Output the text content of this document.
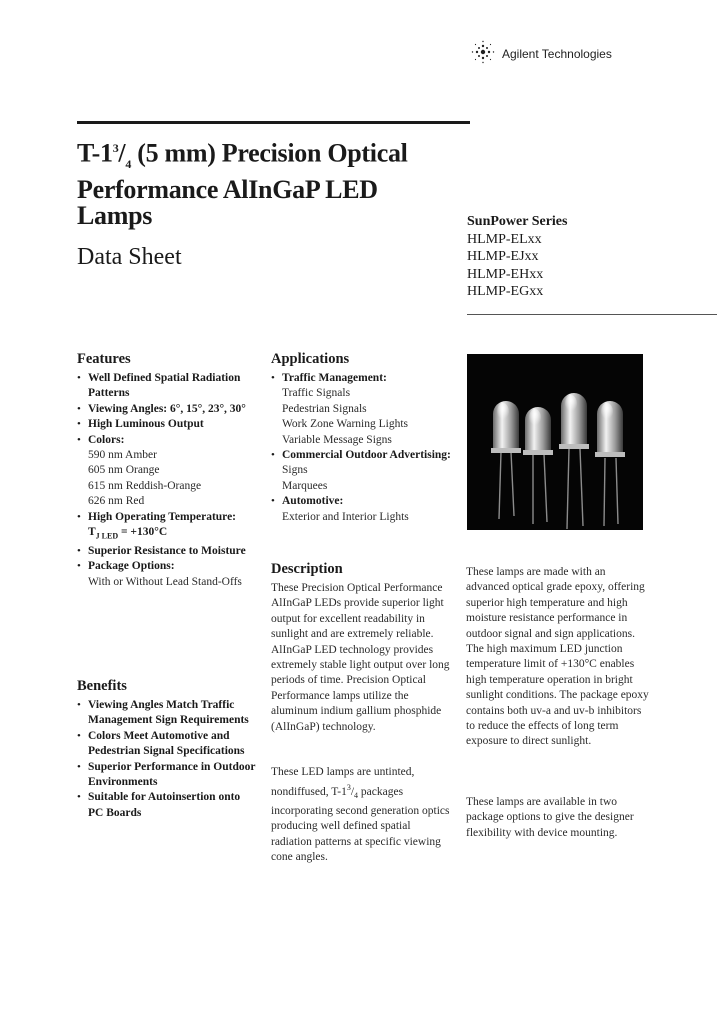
Agilent Technologies
$T-1^3/_4$ (5 mm) Precision Optical
Performance AlInGaP LED
Lamps
Data Sheet
SunPower Series
HLMP-ELxx
HLMP-EJxx
HLMP-EHxx
HLMP-EGxx
Features
• Well Defined Spatial Radiation Patterns
• Viewing Angles: 6°, 15°, 23°, 30°
• High Luminous Output
• Colors:
590 nm Amber
605 nm Orange
615 nm Reddish-Orange
626 nm Red
• High Operating Temperature:
$T_{J LED} = +130^\circ C$
• Superior Resistance to Moisture
• Package Options:
With or Without Lead Stand-Offs
Benefits
• Viewing Angles Match Traffic Management Sign Requirements
• Colors Meet Automotive and Pedestrian Signal Specifications
• Superior Performance in Outdoor Environments
• Suitable for Autoinsertion onto PC Boards
Applications
• Traffic Management:
Traffic Signals
Pedestrian Signals
Work Zone Warning Lights
Variable Message Signs
• Commercial Outdoor Advertising:
Signs
Marquees
• Automotive:
Exterior and Interior Lights
Description
These Precision Optical Performance AlInGaP LEDs provide superior light output for excellent readability in sunlight and are extremely reliable. AlInGaP LED technology provides extremely stable light output over long periods of time. Precision Optical Performance lamps utilize the aluminum indium gallium phosphide (AlInGaP) technology.
These LED lamps are untinted, nondiffused, $T-1^3/_4$ packages incorporating second generation optics producing well defined spatial radiation patterns at specific viewing cone angles.
These lamps are made with an advanced optical grade epoxy, offering superior high temperature and high moisture resistance performance in outdoor signal and sign applications. The high maximum LED junction temperature limit of +130°C enables high temperature operation in bright sunlight conditions. The package epoxy contains both uv-a and uv-b inhibitors to reduce the effects of long term exposure to direct sunlight.
These lamps are available in two package options to give the designer flexibility with device mounting.
